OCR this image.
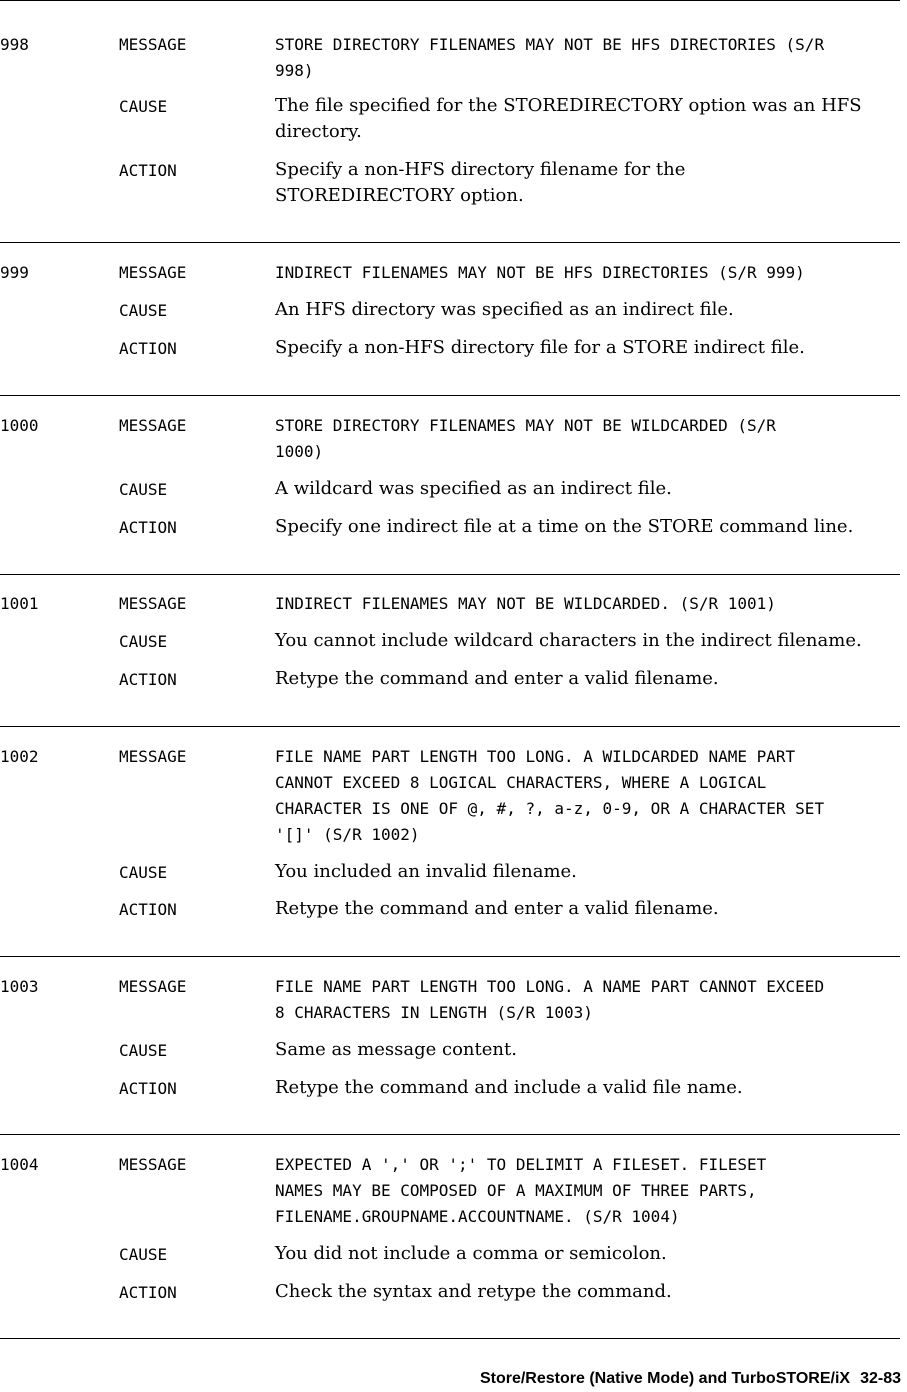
998	MESSAGE	STORE DIRECTORY FILENAMES MAY NOT BE HFS DIRECTORIES (S/R
998)
CAUSE	The file specified for the STOREDIRECTORY option was an HFS directory.
ACTION	Specify a non-HFS directory filename for the STOREDIRECTORY option.
999	MESSAGE	INDIRECT FILENAMES MAY NOT BE HFS DIRECTORIES (S/R 999)
CAUSE	An HFS directory was specified as an indirect file.
ACTION	Specify a non-HFS directory file for a STORE indirect file.
1000	MESSAGE	STORE DIRECTORY FILENAMES MAY NOT BE WILDCARDED (S/R
1000)
CAUSE	A wildcard was specified as an indirect file.
ACTION	Specify one indirect file at a time on the STORE command line.
1001	MESSAGE	INDIRECT FILENAMES MAY NOT BE WILDCARDED. (S/R 1001)
CAUSE	You cannot include wildcard characters in the indirect filename.
ACTION	Retype the command and enter a valid filename.
1002	MESSAGE	FILE NAME PART LENGTH TOO LONG. A WILDCARDED NAME PART
CANNOT EXCEED 8 LOGICAL CHARACTERS, WHERE A LOGICAL
CHARACTER IS ONE OF @, #, ?, a-z, 0-9, OR A CHARACTER SET
'[]' (S/R 1002)
CAUSE	You included an invalid filename.
ACTION	Retype the command and enter a valid filename.
1003	MESSAGE	FILE NAME PART LENGTH TOO LONG. A NAME PART CANNOT EXCEED
8 CHARACTERS IN LENGTH (S/R 1003)
CAUSE	Same as message content.
ACTION	Retype the command and include a valid file name.
1004	MESSAGE	EXPECTED A ',' OR ';' TO DELIMIT A FILESET. FILESET
NAMES MAY BE COMPOSED OF A MAXIMUM OF THREE PARTS,
FILENAME.GROUPNAME.ACCOUNTNAME. (S/R 1004)
CAUSE	You did not include a comma or semicolon.
ACTION	Check the syntax and retype the command.
Store/Restore (Native Mode) and TurboSTORE/iX 32-83
